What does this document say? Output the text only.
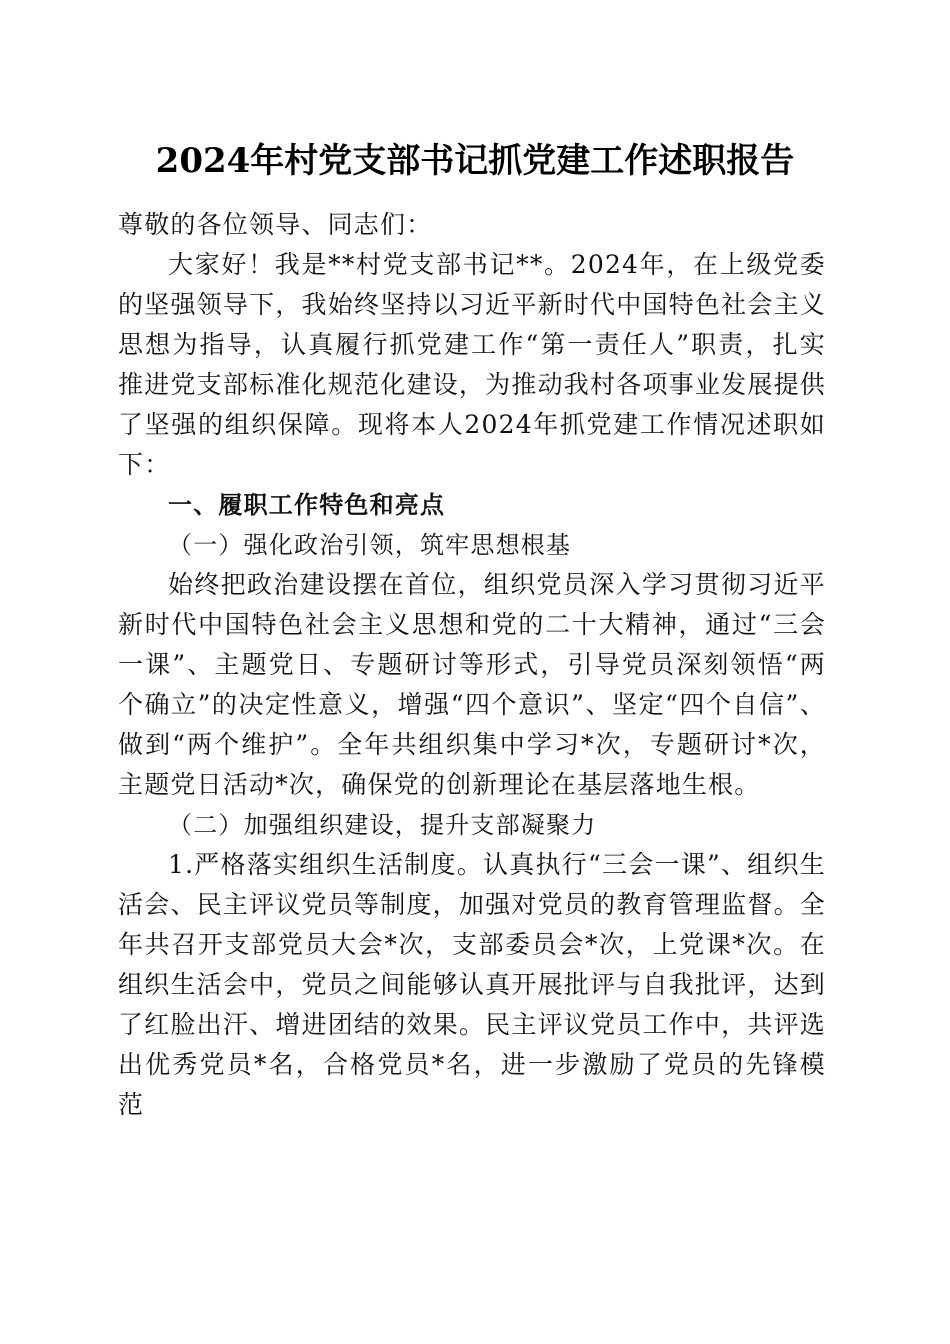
2024年村党支部书记抓党建工作述职报告

尊敬的各位领导、同志们：

大家好！我是**村党支部书记**。2024年，在上级党委的坚强领导下，我始终坚持以习近平新时代中国特色社会主义思想为指导，认真履行抓党建工作“第一责任人”职责，扎实推进党支部标准化规范化建设，为推动我村各项事业发展提供了坚强的组织保障。现将本人2024年抓党建工作情况述职如下：

一、履职工作特色和亮点

（一）强化政治引领，筑牢思想根基

始终把政治建设摆在首位，组织党员深入学习贯彻习近平新时代中国特色社会主义思想和党的二十大精神，通过“三会一课”、主题党日、专题研讨等形式，引导党员深刻领悟“两个确立”的决定性意义，增强“四个意识”、坚定“四个自信”、做到“两个维护”。全年共组织集中学习*次，专题研讨*次，主题党日活动*次，确保党的创新理论在基层落地生根。

（二）加强组织建设，提升支部凝聚力

1.严格落实组织生活制度。认真执行“三会一课”、组织生活会、民主评议党员等制度，加强对党员的教育管理监督。全年共召开支部党员大会*次，支部委员会*次，上党课*次。在组织生活会中，党员之间能够认真开展批评与自我批评，达到了红脸出汗、增进团结的效果。民主评议党员工作中，共评选出优秀党员*名，合格党员*名，进一步激励了党员的先锋模范
